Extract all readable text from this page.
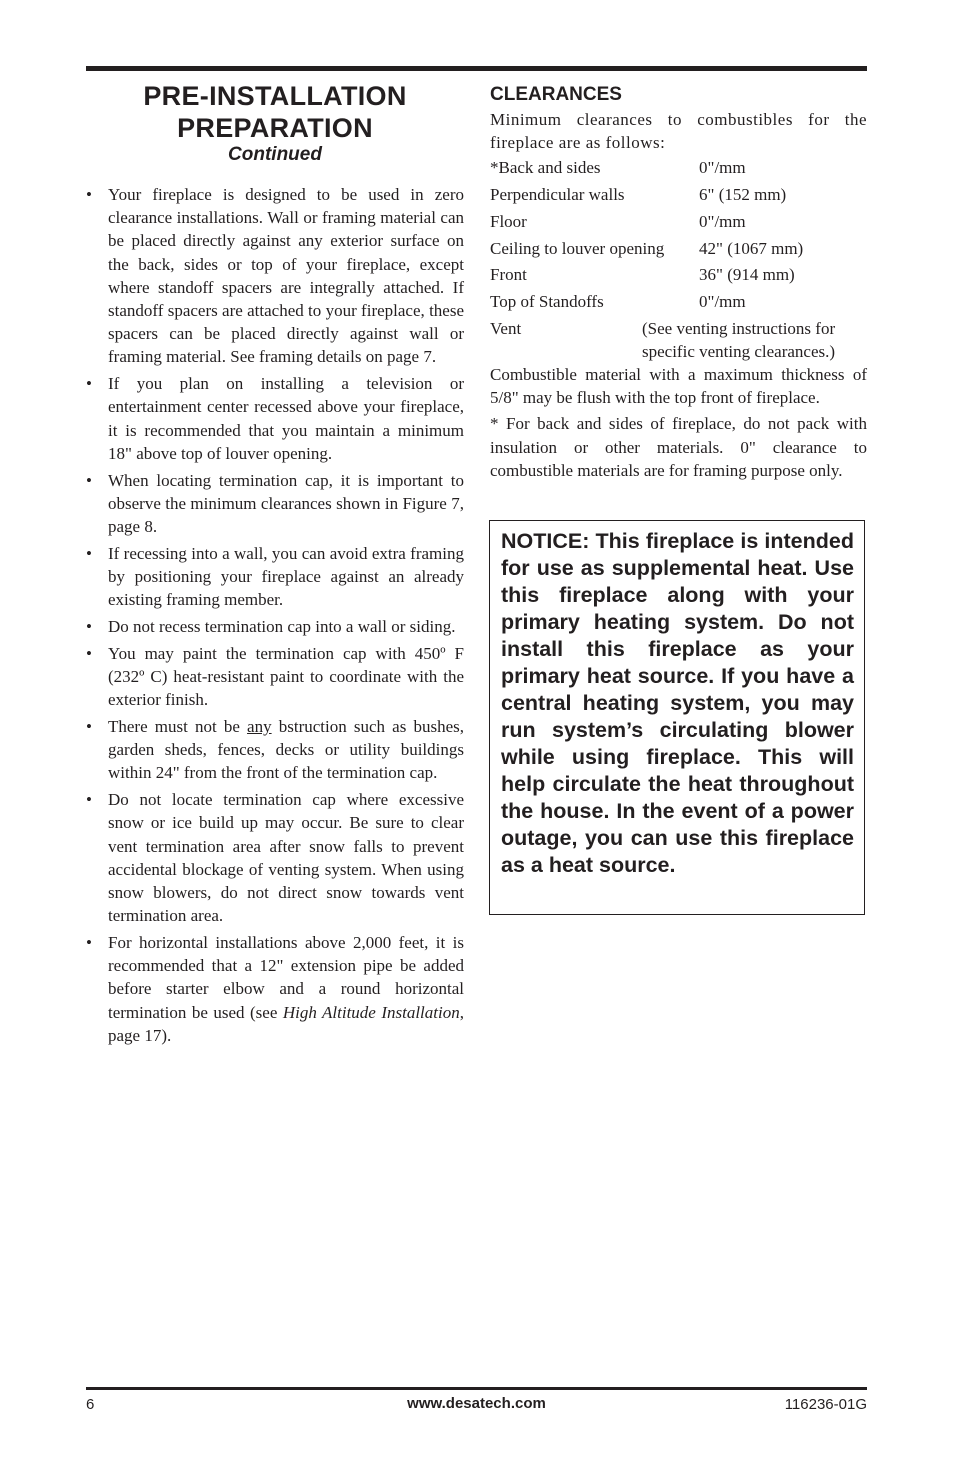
PRE-INSTALLATION
PREPARATION
Continued
• Your fireplace is designed to be used in zero clearance installations. Wall or framing material can be placed directly against any exterior surface on the back, sides or top of your fireplace, except where standoff spacers are integrally attached. If standoff spacers are attached to your fireplace, these spacers can be placed directly against wall or framing material. See framing details on page 7.
• If you plan on installing a television or entertainment center recessed above your fireplace, it is recommended that you maintain a minimum 18" above top of louver opening.
• When locating termination cap, it is important to observe the minimum clearances shown in Figure 7, page 8.
• If recessing into a wall, you can avoid extra framing by positioning your fireplace against an already existing framing member.
• Do not recess termination cap into a wall or siding.
• You may paint the termination cap with 450º F (232º C) heat-resistant paint to coordinate with the exterior finish.
• There must not be any bstruction such as bushes, garden sheds, fences, decks or utility buildings within 24" from the front of the termination cap.
• Do not locate termination cap where excessive snow or ice build up may occur. Be sure to clear vent termination area after snow falls to prevent accidental blockage of venting system. When using snow blowers, do not direct snow towards vent termination area.
• For horizontal installations above 2,000 feet, it is recommended that a 12" extension pipe be added before starter elbow and a round horizontal termination be used (see High Altitude Installation, page 17).
CLEARANCES
Minimum clearances to combustibles for the fireplace are as follows:
*Back and sides	0"/mm
Perpendicular walls	6" (152 mm)
Floor	0"/mm
Ceiling to louver opening	42" (1067 mm)
Front	36" (914 mm)
Top of Standoffs	0"/mm
Vent	(See venting instructions for specific venting clearances.)
Combustible material with a maximum thickness of 5/8" may be flush with the top front of fireplace.
* For back and sides of fireplace, do not pack with insulation or other materials. 0" clearance to combustible materials are for framing purpose only.

NOTICE: This fireplace is intended for use as supplemental heat. Use this fireplace along with your primary heating system. Do not install this fireplace as your primary heat source. If you have a central heating system, you may run system’s circulating blower while using fireplace. This will help circulate the heat throughout the house. In the event of a power outage, you can use this fireplace as a heat source.

6	www.desatech.com	116236-01G
